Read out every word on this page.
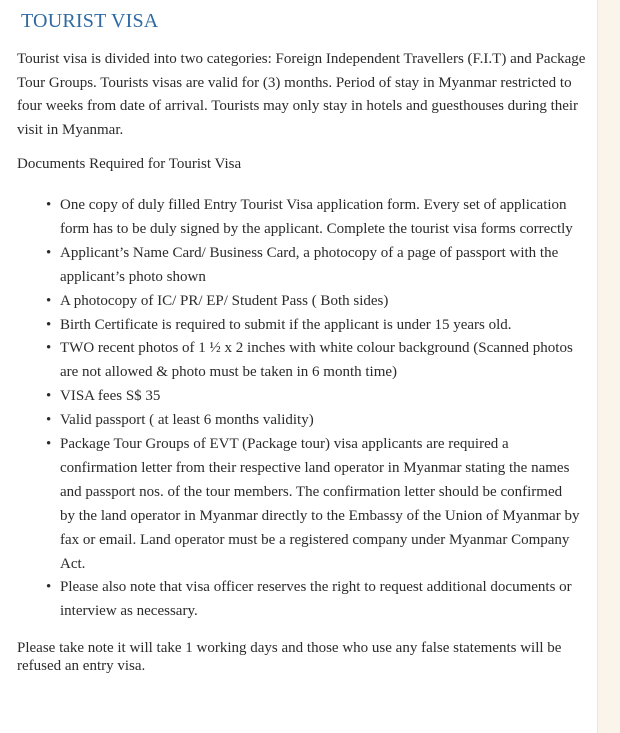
TOURIST VISA

Tourist visa is divided into two categories: Foreign Independent Travellers (F.I.T) and Package Tour Groups. Tourists visas are valid for (3) months. Period of stay in Myanmar restricted to four weeks from date of arrival. Tourists may only stay in hotels and guesthouses during their visit in Myanmar.

Documents Required for Tourist Visa

• One copy of duly filled Entry Tourist Visa application form. Every set of application form has to be duly signed by the applicant. Complete the tourist visa forms correctly
• Applicant’s Name Card/ Business Card, a photocopy of a page of passport with the applicant’s photo shown
• A photocopy of IC/ PR/ EP/ Student Pass ( Both sides)
• Birth Certificate is required to submit if the applicant is under 15 years old.
• TWO recent photos of 1 ½ x 2 inches with white colour background (Scanned photos are not allowed & photo must be taken in 6 month time)
• VISA fees S$ 35
• Valid passport ( at least 6 months validity)
• Package Tour Groups of EVT (Package tour) visa applicants are required a confirmation letter from their respective land operator in Myanmar stating the names and passport nos. of the tour members. The confirmation letter should be confirmed by the land operator in Myanmar directly to the Embassy of the Union of Myanmar by fax or email. Land operator must be a registered company under Myanmar Company Act.
• Please also note that visa officer reserves the right to request additional documents or interview as necessary.

Please take note it will take 1 working days and those who use any false statements will be refused an entry visa.
